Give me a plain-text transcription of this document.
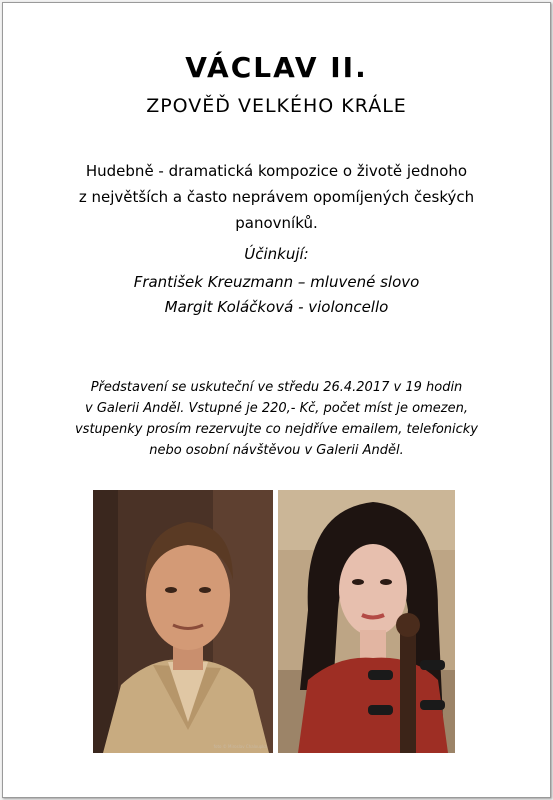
VÁCLAV II.
ZPOVĚĎ VELKÉHO KRÁLE
Hudebně - dramatická kompozice o životě jednoho
z největších a často neprávem opomíjených českých
panovníků.
Účinkují:
František Kreuzmann – mluvené slovo
Margit Koláčková - violoncello
Představení se uskuteční ve středu 26.4.2017 v 19 hodin
v Galerii Anděl. Vstupné je 220,- Kč, počet míst je omezen,
vstupenky prosím rezervujte co nejdříve emailem, telefonicky
nebo osobní návštěvou v Galerii Anděl.
foto © Miroslav Chaloupka
